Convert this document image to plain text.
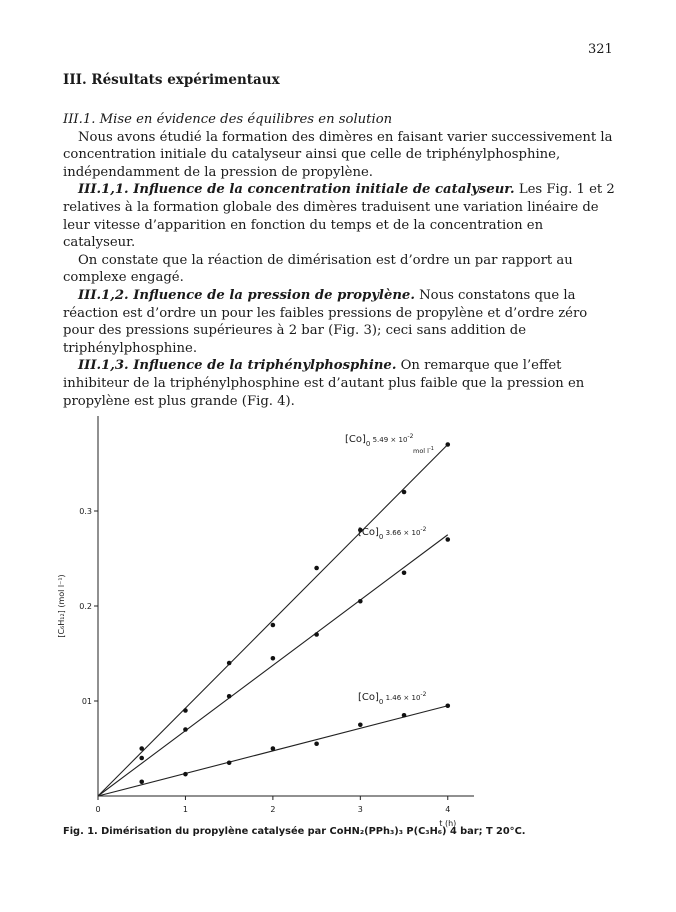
321
III. Résultats expérimentaux

III.1. Mise en évidence des équilibres en solution

Nous avons étudié la formation des dimères en faisant varier successivement la concentration initiale du catalyseur ainsi que celle de triphénylphosphine, indépendamment de la pression de propylène.

III.1,1. Influence de la concentration initiale de catalyseur. Les Fig. 1 et 2 relatives à la formation globale des dimères traduisent une variation linéaire de leur vitesse d’apparition en fonction du temps et de la concentration en catalyseur.

On constate que la réaction de dimérisation est d’ordre un par rapport au complexe engagé.

III.1,2. Influence de la pression de propylène. Nous constatons que la réaction est d’ordre un pour les faibles pressions de propylène et d’ordre zéro pour des pressions supérieures à 2 bar (Fig. 3); ceci sans addition de triphénylphosphine.

III.1,3. Influence de la triphénylphosphine. On remarque que l’effet inhibiteur de la triphénylphosphine est d’autant plus faible que la pression en propylène est plus grande (Fig. 4).

0	1	2	3	4
01
0.2
0.3
t (h)
[C₆H₁₂] (mol l⁻¹)
$[Co]_0$ $^{5.49 \times 10-2}$
mol $l^{-1}$
$[Co]_0$ $^{3.66 \times 10-2}$
$[Co]_0$ $^{1.46 \times 10-2}$
Fig. 1. Dimérisation du propylène catalysée par CoHN₂(PPh₃)₃ P(C₃H₆) 4 bar; T 20°C.
